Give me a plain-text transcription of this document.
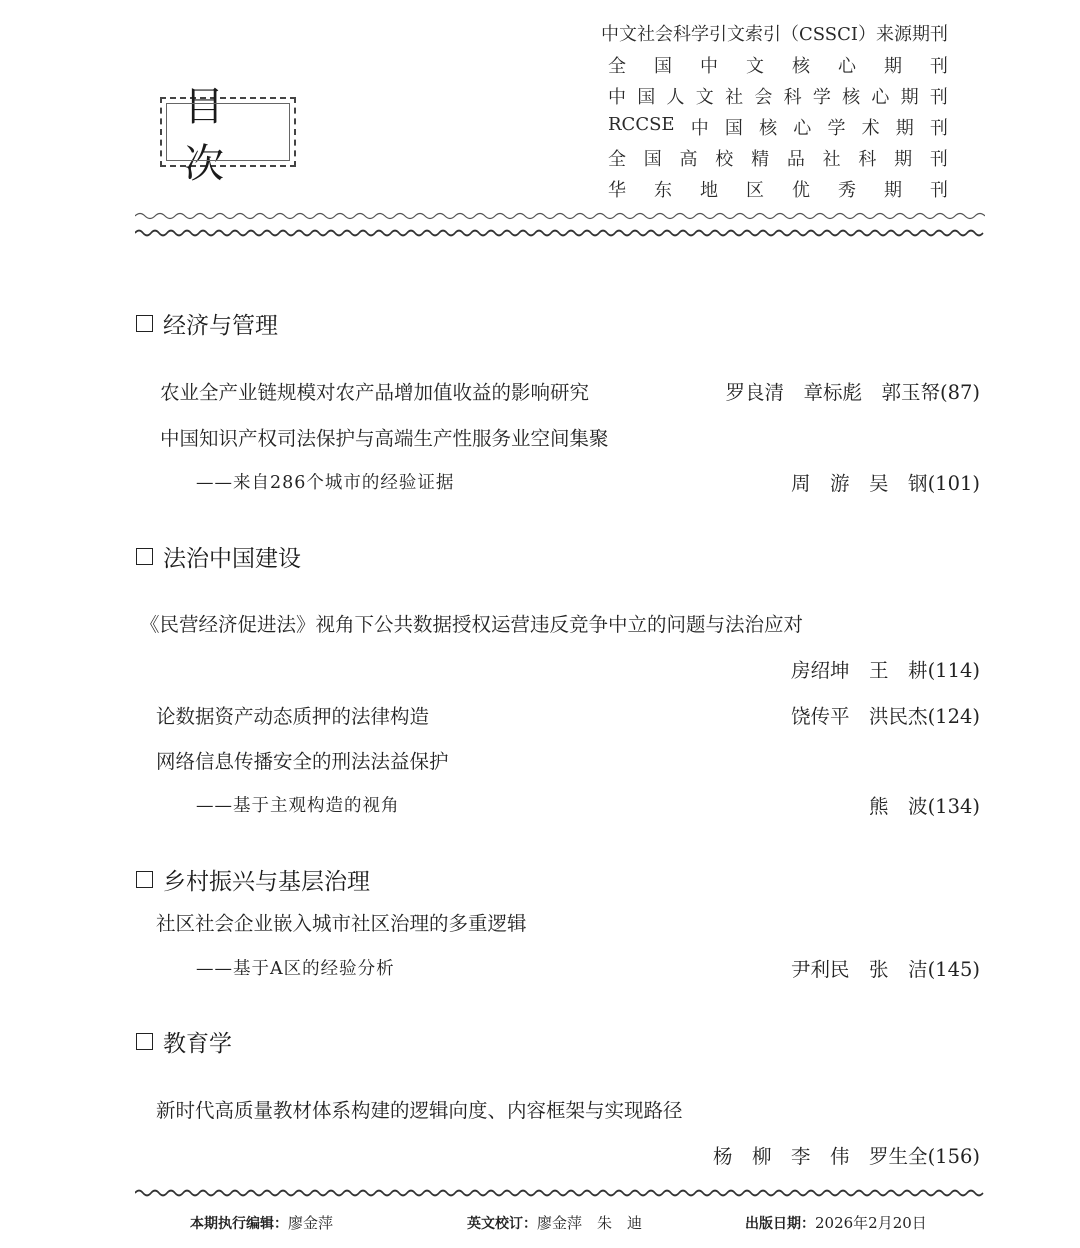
目次
中文社会科学引文索引（CSSCI）来源期刊
全 国 中 文 核 心 期 刊
中 国 人 文 社 会 科 学 核 心 期 刊
RCCSE 中 国 核 心 学 术 期 刊
全 国 高 校 精 品 社 科 期 刊
华 东 地 区 优 秀 期 刊
经济与管理
农业全产业链规模对农产品增加值收益的影响研究	罗良清　章标彪　郭玉帑(87)
中国知识产权司法保护与高端生产性服务业空间集聚
——来自286个城市的经验证据	周　游　吴　钢(101)
法治中国建设
《民营经济促进法》视角下公共数据授权运营违反竞争中立的问题与法治应对
房绍坤　王　耕(114)
论数据资产动态质押的法律构造	饶传平　洪民杰(124)
网络信息传播安全的刑法法益保护
——基于主观构造的视角	熊　波(134)
乡村振兴与基层治理
社区社会企业嵌入城市社区治理的多重逻辑
——基于A区的经验分析	尹利民　张　洁(145)
教育学
新时代高质量教材体系构建的逻辑向度、内容框架与实现路径
杨　柳　李　伟　罗生全(156)
本期执行编辑：廖金萍	英文校订：廖金萍　朱　迪	出版日期：2026年2月20日
